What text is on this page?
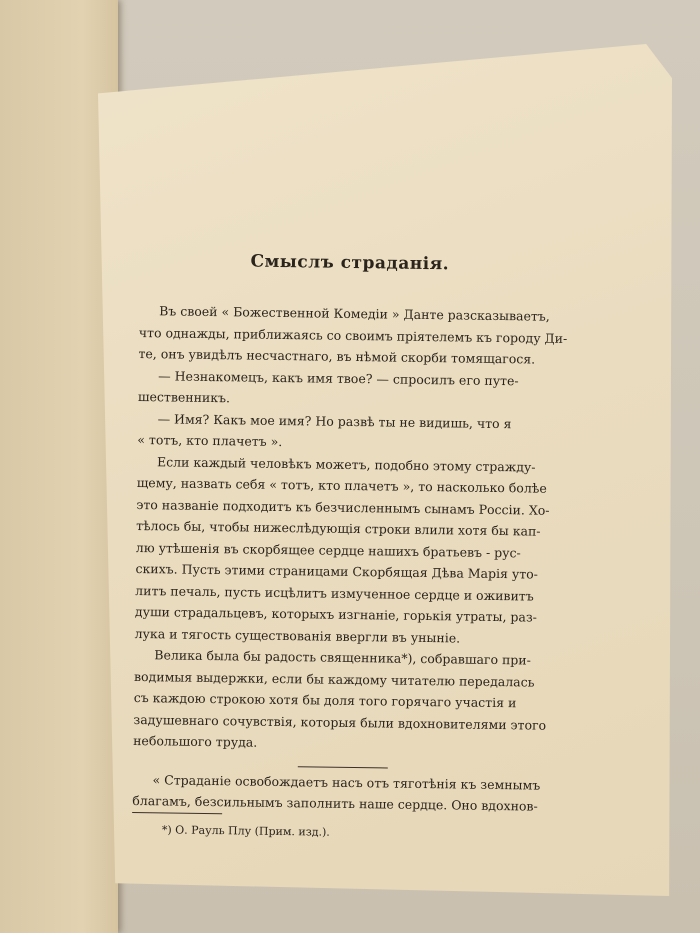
Смыслъ страданія.

Въ своей « Божественной Комедіи » Данте разсказываетъ,
что однажды, приближаясь со своимъ пріятелемъ къ городу Ди-
те, онъ увидѣлъ несчастнаго, въ нѣмой скорби томящагося.

— Незнакомецъ, какъ имя твое? — спросилъ его путе-
шественникъ.

— Имя? Какъ мое имя? Но развѣ ты не видишь, что я
« тотъ, кто плачетъ ».

Если каждый человѣкъ можетъ, подобно этому стражду-
щему, назвать себя « тотъ, кто плачетъ », то насколько болѣе
это названіе подходитъ къ безчисленнымъ сынамъ Россіи. Хо-
тѣлось бы, чтобы нижеслѣдующія строки влили хотя бы кап-
лю утѣшенія въ скорбящее сердце нашихъ братьевъ - рус-
скихъ. Пусть этими страницами Скорбящая Дѣва Марія уто-
литъ печаль, пусть исцѣлитъ измученное сердце и оживитъ
души страдальцевъ, которыхъ изгнаніе, горькія утраты, раз-
лука и тягость существованія ввергли въ уныніе.

Велика была бы радость священника*), собравшаго при-
водимыя выдержки, если бы каждому читателю передалась
съ каждою строкою хотя бы доля того горячаго участія и
задушевнаго сочувствія, которыя были вдохновителями этого
небольшого труда.

« Страданіе освобождаетъ насъ отъ тяготѣнія къ земнымъ
благамъ, безсильнымъ заполнить наше сердце. Оно вдохнов-

*) О. Рауль Плу (Прим. изд.).
